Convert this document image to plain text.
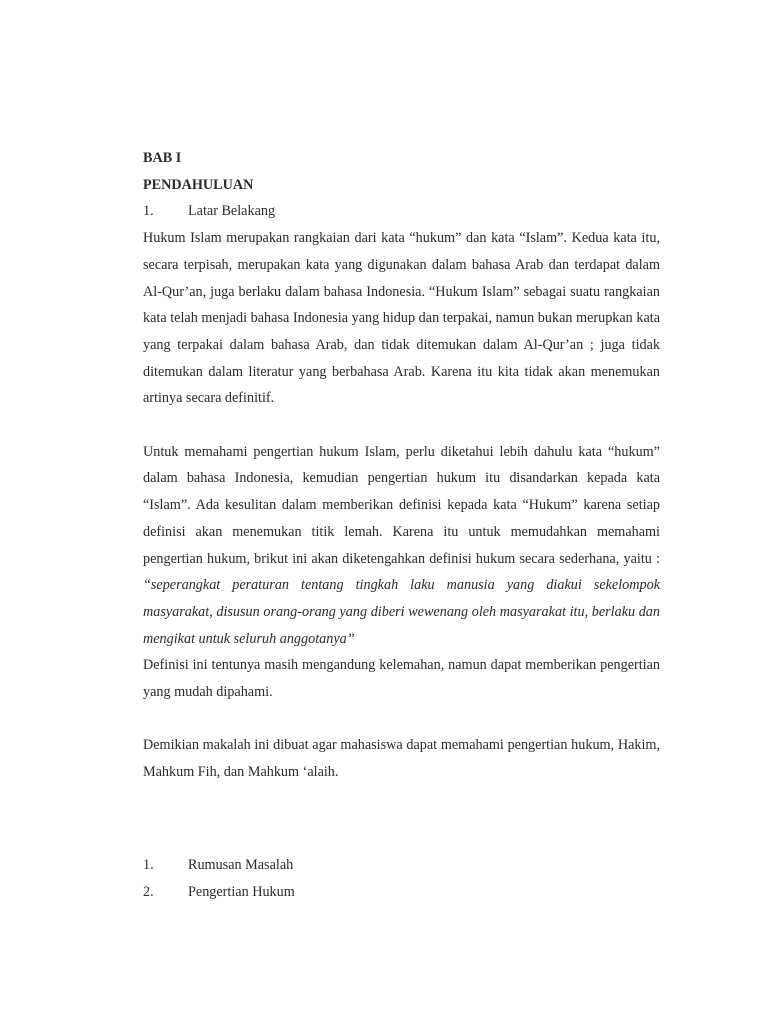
BAB I

PENDAHULUAN

1.	Latar Belakang

Hukum Islam merupakan rangkaian dari kata “hukum” dan kata “Islam”. Kedua kata itu, secara terpisah, merupakan kata yang digunakan dalam bahasa Arab dan terdapat dalam Al-Qur’an, juga berlaku dalam bahasa Indonesia. “Hukum Islam” sebagai suatu rangkaian kata telah menjadi bahasa Indonesia yang hidup dan terpakai, namun bukan merupkan kata yang terpakai dalam bahasa Arab, dan tidak ditemukan dalam Al-Qur’an ; juga tidak ditemukan dalam literatur yang berbahasa Arab. Karena itu kita tidak akan menemukan artinya secara definitif.

Untuk memahami pengertian hukum Islam, perlu diketahui lebih dahulu kata “hukum” dalam bahasa Indonesia, kemudian pengertian hukum itu disandarkan kepada kata “Islam”. Ada kesulitan dalam memberikan definisi kepada kata “Hukum” karena setiap definisi akan menemukan titik lemah. Karena itu untuk memudahkan memahami pengertian hukum, brikut ini akan diketengahkan definisi hukum secara sederhana, yaitu : “seperangkat peraturan tentang tingkah laku manusia yang diakui sekelompok masyarakat, disusun orang-orang yang diberi wewenang oleh masyarakat itu, berlaku dan mengikat untuk seluruh anggotanya”

Definisi ini tentunya masih mengandung kelemahan, namun dapat memberikan pengertian yang mudah dipahami.

Demikian makalah ini dibuat agar mahasiswa dapat memahami pengertian hukum, Hakim, Mahkum Fih, dan Mahkum ‘alaih.

1.	Rumusan Masalah
2.	Pengertian Hukum
